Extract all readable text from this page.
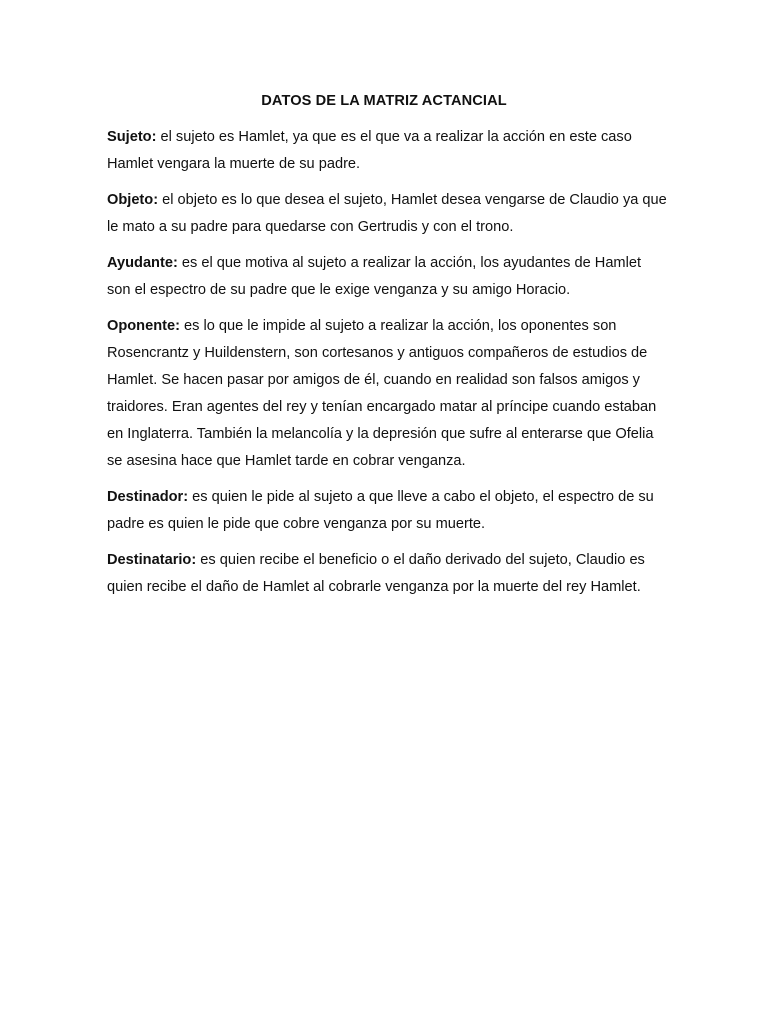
DATOS DE LA MATRIZ ACTANCIAL

Sujeto: el sujeto es Hamlet, ya que es el que va a realizar la acción en este caso Hamlet vengara la muerte de su padre.

Objeto: el objeto es lo que desea el sujeto, Hamlet desea vengarse de Claudio ya que le mato a su padre para quedarse con Gertrudis y con el trono.

Ayudante: es el que motiva al sujeto a realizar la acción, los ayudantes de Hamlet son el espectro de su padre que le exige venganza y su amigo Horacio.

Oponente: es lo que le impide al sujeto a realizar la acción, los oponentes son Rosencrantz y Huildenstern, son cortesanos y antiguos compañeros de estudios de Hamlet. Se hacen pasar por amigos de él, cuando en realidad son falsos amigos y traidores. Eran agentes del rey y tenían encargado matar al príncipe cuando estaban en Inglaterra. También la melancolía y la depresión que sufre al enterarse que Ofelia se asesina hace que Hamlet tarde en cobrar venganza.

Destinador: es quien le pide al sujeto a que lleve a cabo el objeto, el espectro de su padre es quien le pide que cobre venganza por su muerte.

Destinatario: es quien recibe el beneficio o el daño derivado del sujeto, Claudio es quien recibe el daño de Hamlet al cobrarle venganza por la muerte del rey Hamlet.
